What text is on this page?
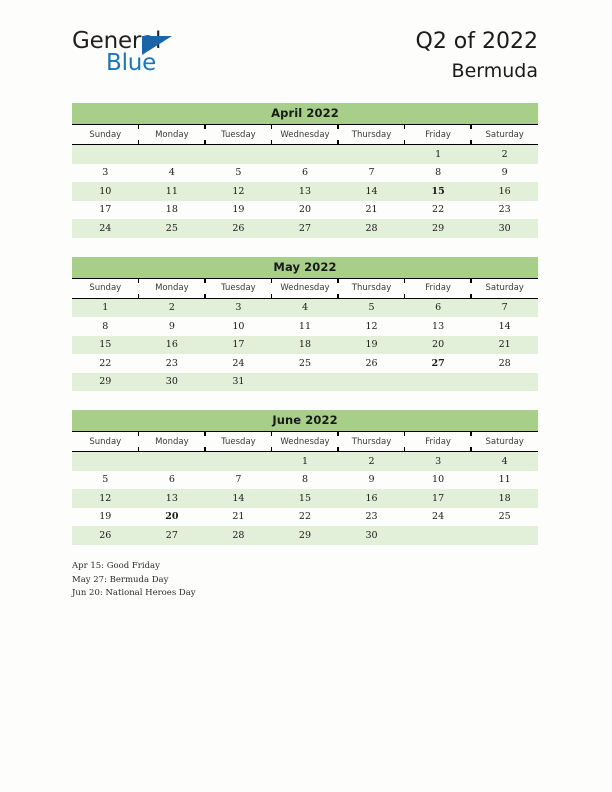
General
Blue
Q2 of 2022
Bermuda
April 2022
Sunday	Monday	Tuesday	Wednesday	Thursday	Friday	Saturday
					1	2
3	4	5	6	7	8	9
10	11	12	13	14	15	16
17	18	19	20	21	22	23
24	25	26	27	28	29	30
May 2022
Sunday	Monday	Tuesday	Wednesday	Thursday	Friday	Saturday
1	2	3	4	5	6	7
8	9	10	11	12	13	14
15	16	17	18	19	20	21
22	23	24	25	26	27	28
29	30	31				
June 2022
Sunday	Monday	Tuesday	Wednesday	Thursday	Friday	Saturday
			1	2	3	4
5	6	7	8	9	10	11
12	13	14	15	16	17	18
19	20	21	22	23	24	25
26	27	28	29	30		
Apr 15: Good Friday
May 27: Bermuda Day
Jun 20: National Heroes Day
